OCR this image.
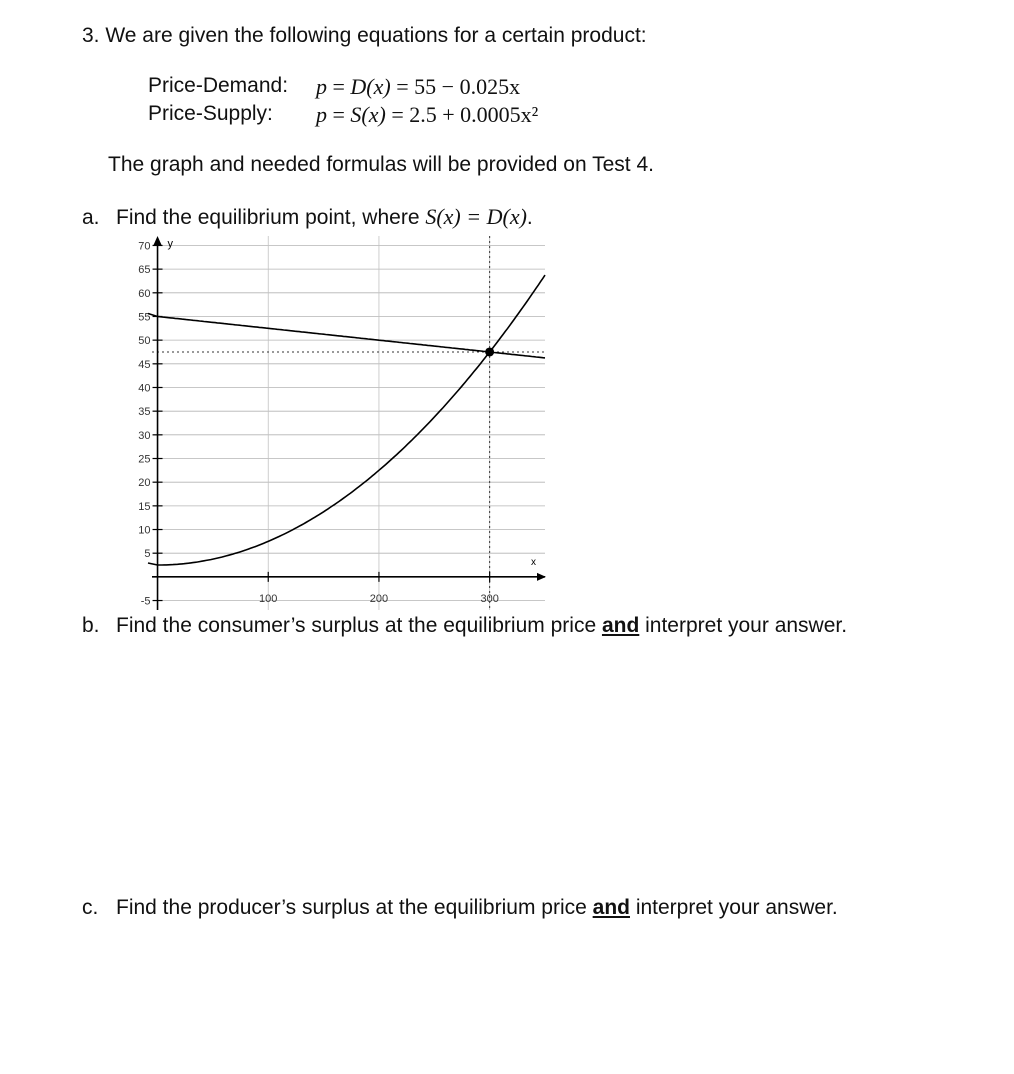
3. We are given the following equations for a certain product:
Price-Demand: p = D(x) = 55 − 0.025x
Price-Supply: p = S(x) = 2.5 + 0.0005x²
The graph and needed formulas will be provided on Test 4.
a. Find the equilibrium point, where S(x) = D(x).
y
x
-5
5
10
15
20
25
30
35
40
45
50
55
60
65
70
100	200	300
b. Find the consumer’s surplus at the equilibrium price and interpret your answer.
c. Find the producer’s surplus at the equilibrium price and interpret your answer.
